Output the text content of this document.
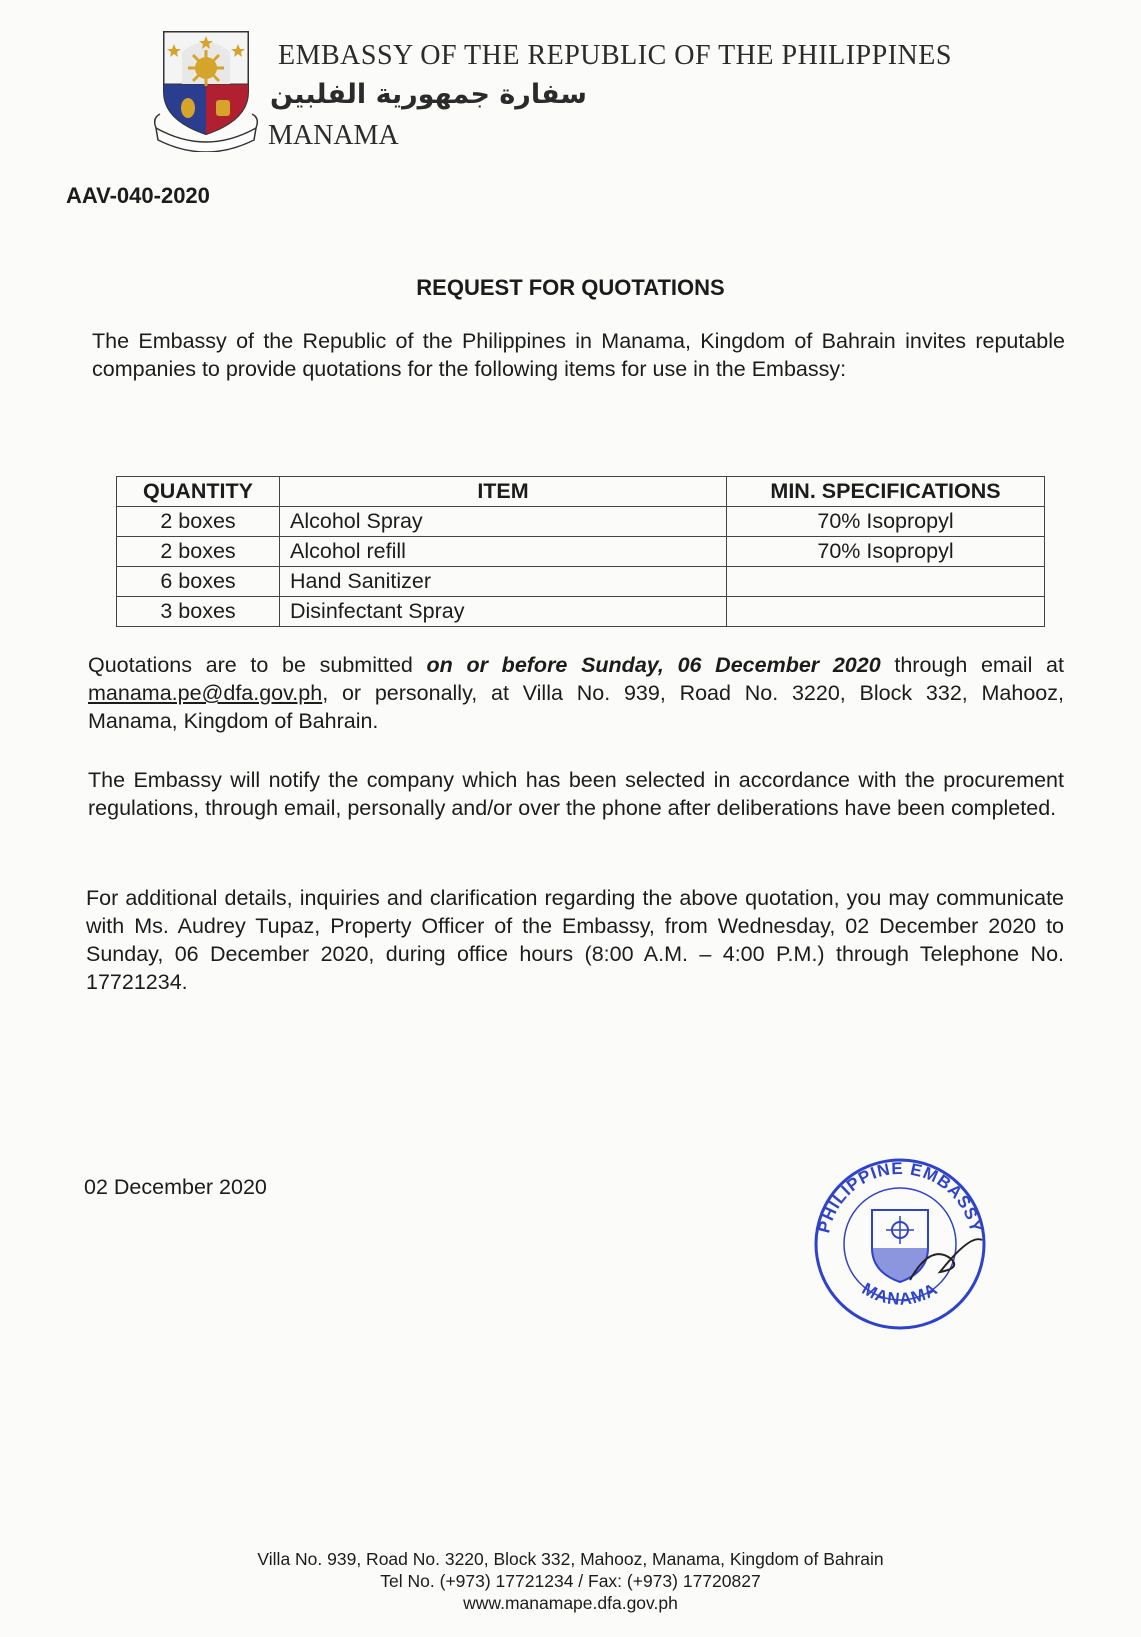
EMBASSY OF THE REPUBLIC OF THE PHILIPPINES
سفارة جمهورية الفلبين
MANAMA
AAV-040-2020
REQUEST FOR QUOTATIONS
The Embassy of the Republic of the Philippines in Manama, Kingdom of Bahrain invites reputable companies to provide quotations for the following items for use in the Embassy:
QUANTITY	ITEM	MIN. SPECIFICATIONS
2 boxes	Alcohol Spray	70% Isopropyl
2 boxes	Alcohol refill	70% Isopropyl
6 boxes	Hand Sanitizer	
3 boxes	Disinfectant Spray	
Quotations are to be submitted on or before Sunday, 06 December 2020 through email at manama.pe@dfa.gov.ph, or personally, at Villa No. 939, Road No. 3220, Block 332, Mahooz, Manama, Kingdom of Bahrain.
The Embassy will notify the company which has been selected in accordance with the procurement regulations, through email, personally and/or over the phone after deliberations have been completed.
For additional details, inquiries and clarification regarding the above quotation, you may communicate with Ms. Audrey Tupaz, Property Officer of the Embassy, from Wednesday, 02 December 2020 to Sunday, 06 December 2020, during office hours (8:00 A.M. – 4:00 P.M.) through Telephone No. 17721234.
02 December 2020
PHILIPPINE EMBASSY
MANAMA
Villa No. 939, Road No. 3220, Block 332, Mahooz, Manama, Kingdom of Bahrain
Tel No. (+973) 17721234 / Fax: (+973) 17720827
www.manamape.dfa.gov.ph
